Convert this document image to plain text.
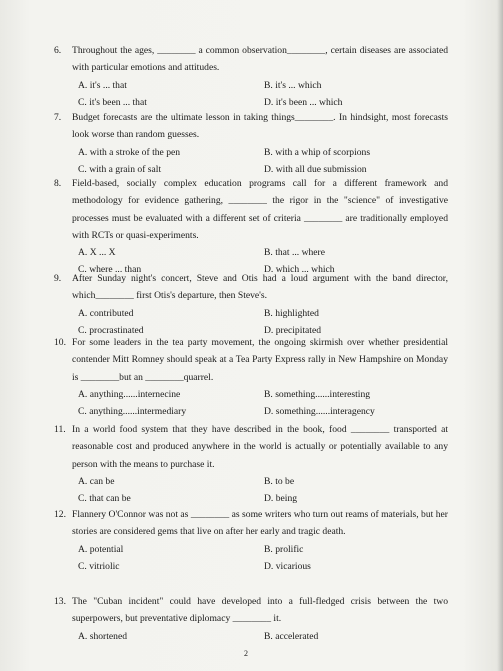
6. Throughout the ages, ________ a common observation________, certain diseases are associated with particular emotions and attitudes.
A. it's ... that	B. it's ... which
C. it's been ... that	D. it's been ... which
7. Budget forecasts are the ultimate lesson in taking things________. In hindsight, most forecasts look worse than random guesses.
A. with a stroke of the pen	B. with a whip of scorpions
C. with a grain of salt	D. with all due submission
8. Field-based, socially complex education programs call for a different framework and methodology for evidence gathering, ________ the rigor in the "science" of investigative processes must be evaluated with a different set of criteria ________ are traditionally employed with RCTs or quasi-experiments.
A. X ... X	B. that ... where
C. where ... than	D. which ... which
9. After Sunday night's concert, Steve and Otis had a loud argument with the band director, which________ first Otis's departure, then Steve's.
A. contributed	B. highlighted
C. procrastinated	D. precipitated
10. For some leaders in the tea party movement, the ongoing skirmish over whether presidential contender Mitt Romney should speak at a Tea Party Express rally in New Hampshire on Monday is ________but an ________quarrel.
A. anything......internecine	B. something......interesting
C. anything......intermediary	D. something......interagency
11. In a world food system that they have described in the book, food ________ transported at reasonable cost and produced anywhere in the world is actually or potentially available to any person with the means to purchase it.
A. can be	B. to be
C. that can be	D. being
12. Flannery O'Connor was not as ________ as some writers who turn out reams of materials, but her stories are considered gems that live on after her early and tragic death.
A. potential	B. prolific
C. vitriolic	D. vicarious
13. The "Cuban incident" could have developed into a full-fledged crisis between the two superpowers, but preventative diplomacy ________ it.
A. shortened	B. accelerated
2
